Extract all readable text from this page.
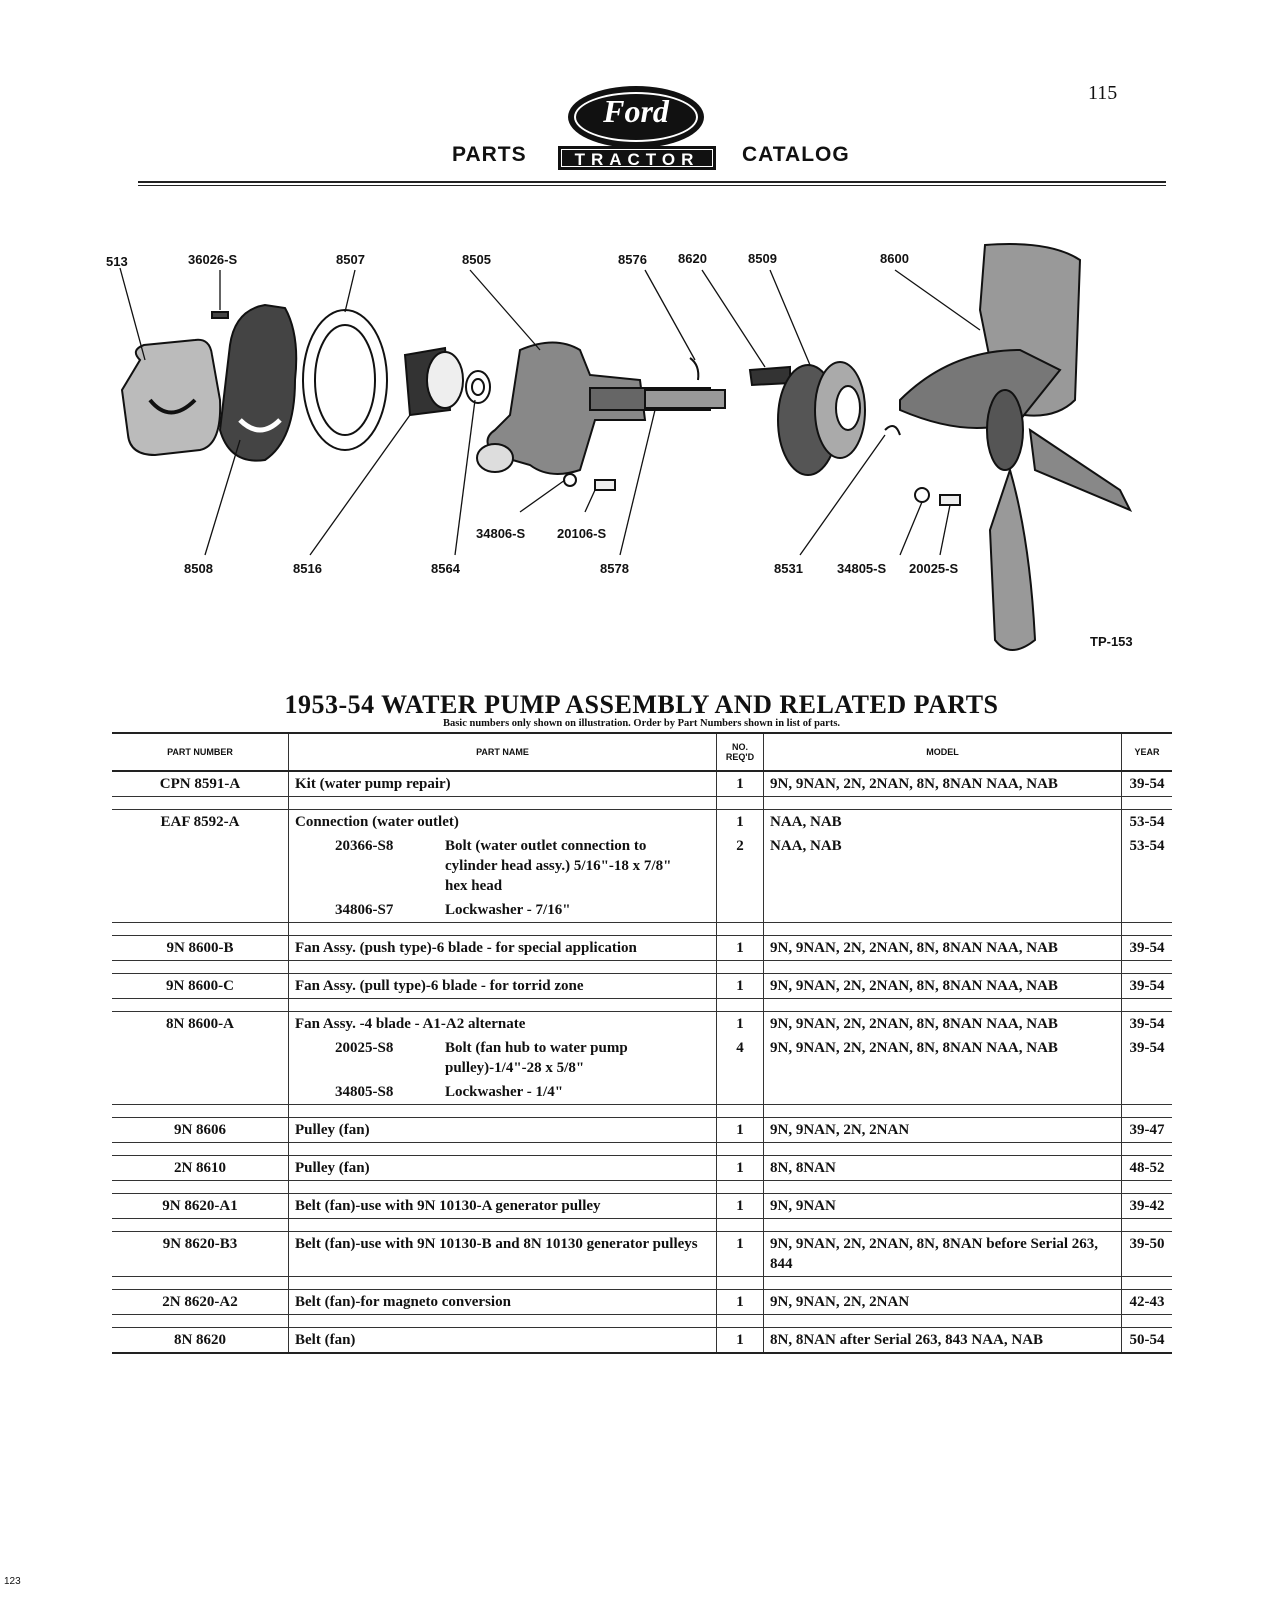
115
PARTS
Ford
TRACTOR	CATALOG
513	36026-S	8507	8505	8576 8620	8509	8600
8508	8516	8564
34806-S 20106-S
8578	8531	34805-S 20025-S
TP-153
1953-54 WATER PUMP ASSEMBLY AND RELATED PARTS
Basic numbers only shown on illustration. Order by Part Numbers shown in list of parts.
PART NUMBER	PART NAME	NO. REQ'D	MODEL	YEAR
CPN 8591-A	Kit (water pump repair)	1	9N, 9NAN, 2N, 2NAN, 8N, 8NAN NAA, NAB	39-54

EAF 8592-A	Connection (water outlet)	1	NAA, NAB	53-54
	20366-S8 Bolt (water outlet connection to cylinder head assy.) 5/16"-18 x 7/8" hex head	2	NAA, NAB	53-54
	34806-S7 Lockwasher - 7/16"			

9N 8600-B	Fan Assy. (push type)-6 blade - for special application	1	9N, 9NAN, 2N, 2NAN, 8N, 8NAN NAA, NAB	39-54

9N 8600-C	Fan Assy. (pull type)-6 blade - for torrid zone	1	9N, 9NAN, 2N, 2NAN, 8N, 8NAN NAA, NAB	39-54

8N 8600-A	Fan Assy. -4 blade - A1-A2 alternate	1	9N, 9NAN, 2N, 2NAN, 8N, 8NAN NAA, NAB	39-54
	20025-S8 Bolt (fan hub to water pump pulley)-1/4"-28 x 5/8"	4	9N, 9NAN, 2N, 2NAN, 8N, 8NAN NAA, NAB	39-54
	34805-S8 Lockwasher - 1/4"			

9N 8606	Pulley (fan)	1	9N, 9NAN, 2N, 2NAN	39-47

2N 8610	Pulley (fan)	1	8N, 8NAN	48-52

9N 8620-A1	Belt (fan)-use with 9N 10130-A generator pulley	1	9N, 9NAN	39-42

9N 8620-B3	Belt (fan)-use with 9N 10130-B and 8N 10130 generator pulleys	1	9N, 9NAN, 2N, 2NAN, 8N, 8NAN before Serial 263, 844	39-50

2N 8620-A2	Belt (fan)-for magneto conversion	1	9N, 9NAN, 2N, 2NAN	42-43

8N 8620	Belt (fan)	1	8N, 8NAN after Serial 263, 843 NAA, NAB	50-54
123
